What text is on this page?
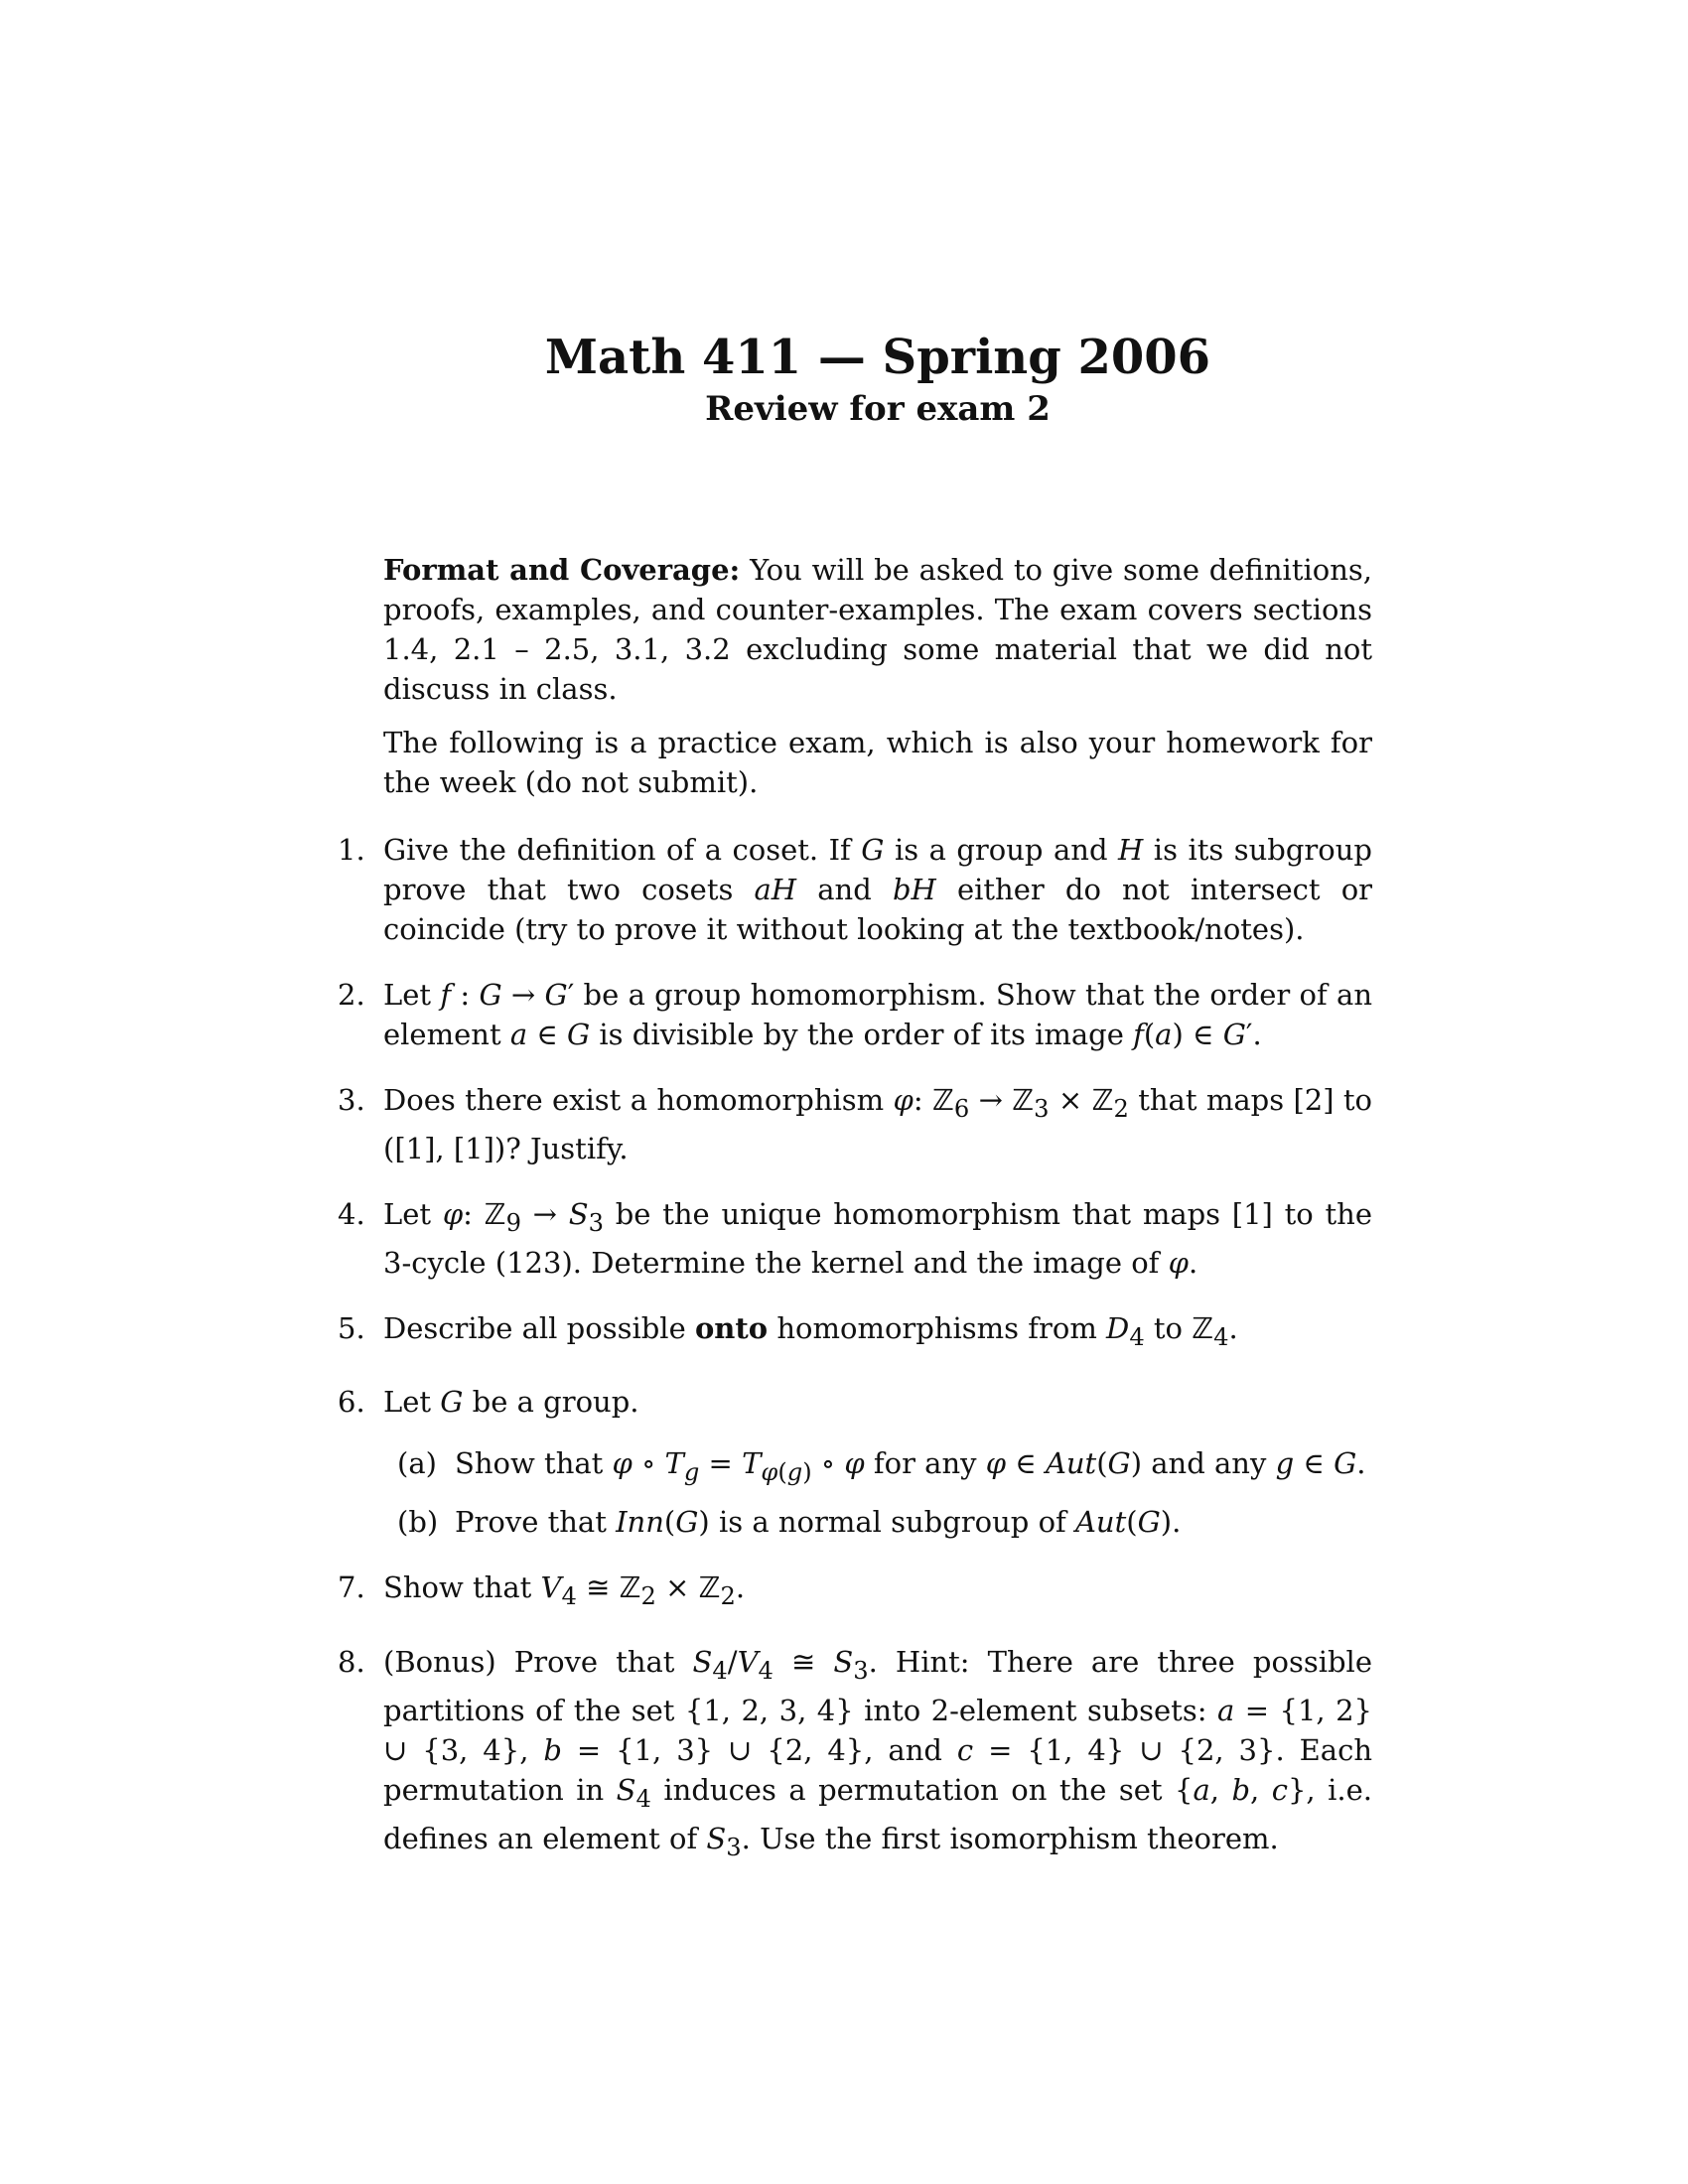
Math 411 — Spring 2006
Review for exam 2

Format and Coverage: You will be asked to give some definitions, proofs, examples, and counter-examples. The exam covers sections 1.4, 2.1 – 2.5, 3.1, 3.2 excluding some material that we did not discuss in class.

The following is a practice exam, which is also your homework for the week (do not submit).

1. Give the definition of a coset. If G is a group and H is its subgroup prove that two cosets aH and bH either do not intersect or coincide (try to prove it without looking at the textbook/notes).
2. Let f : G → G′ be a group homomorphism. Show that the order of an element a ∈ G is divisible by the order of its image f(a) ∈ G′.
3. Does there exist a homomorphism φ: ℤ$_6$ → ℤ$_3$ × ℤ$_2$ that maps [2] to ([1], [1])? Justify.
4. Let φ: ℤ$_9$ → $S_3$ be the unique homomorphism that maps [1] to the 3-cycle (123). Determine the kernel and the image of φ.
5. Describe all possible onto homomorphisms from $D_4$ to ℤ$_4$.
6. Let G be a group.
(a) Show that φ ∘ $T_g = T_{\varphi(g)}$ ∘ φ for any φ ∈ Aut(G) and any g ∈ G.
(b) Prove that Inn(G) is a normal subgroup of Aut(G).
7. Show that $V_4$ ≅ ℤ$_2$ × ℤ$_2$.
8. (Bonus) Prove that $S_4/V_4$ ≅ $S_3$. Hint: There are three possible partitions of the set {1, 2, 3, 4} into 2-element subsets: a = {1, 2} ∪ {3, 4}, b = {1, 3} ∪ {2, 4}, and c = {1, 4} ∪ {2, 3}. Each permutation in $S_4$ induces a permutation on the set {a, b, c}, i.e. defines an element of $S_3$. Use the first isomorphism theorem.
